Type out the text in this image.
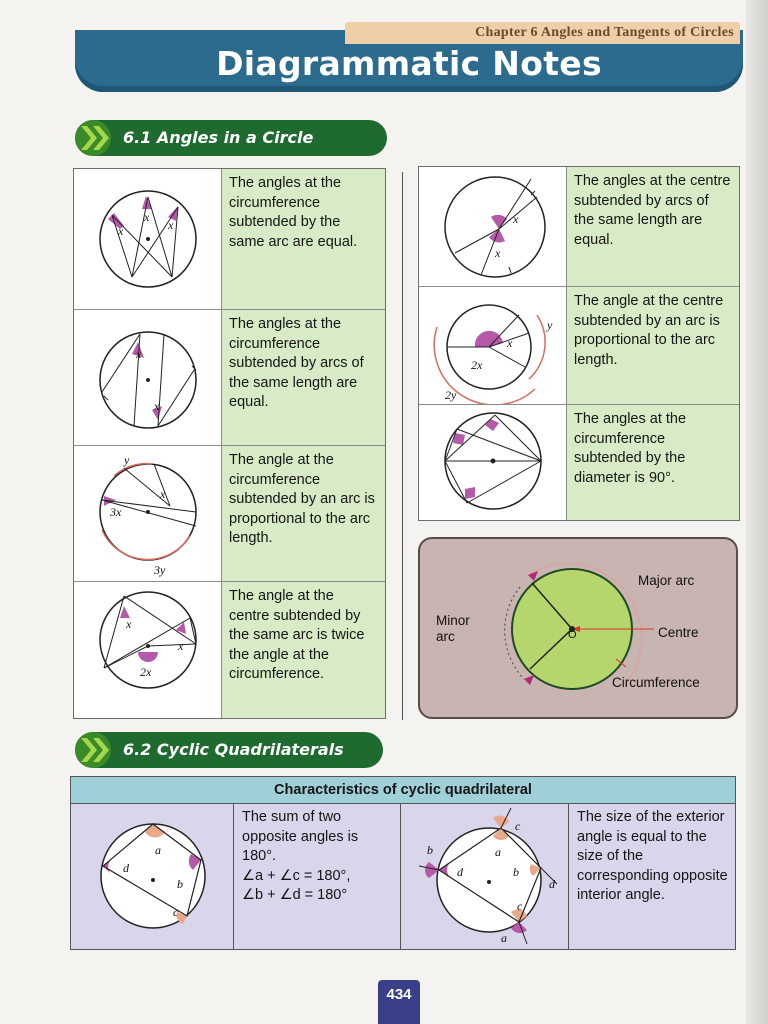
Chapter 6 Angles and Tangents of Circles
Diagrammatic Notes
6.1 Angles in a Circle
x
x
x
The angles at the circumference subtended by the same arc are equal.
x
x
The angles at the circumference subtended by arcs of the same length are equal.
y
x
3x
3y
The angle at the circumference subtended by an arc is proportional to the arc length.
x
x
2x
The angle at the centre subtended by the same arc is twice the angle at the circumference.
x
x
The angles at the centre subtended by arcs of the same length are equal.
y
x
2x
2y
The angle at the centre subtended by an arc is proportional to the arc length.
The angles at the circumference subtended by the diameter is 90°.
Major arc
Minor arc	Centre
Circumference
O
6.2 Cyclic Quadrilaterals
Characteristics of cyclic quadrilateral
a
b
c
d
The sum of two
opposite angles is
180°.
∠a + ∠c = 180°,
∠b + ∠d = 180°
c
a
b
d	b
d
c
a
The size of the exterior angle is equal to the size of the corresponding opposite interior angle.
434
